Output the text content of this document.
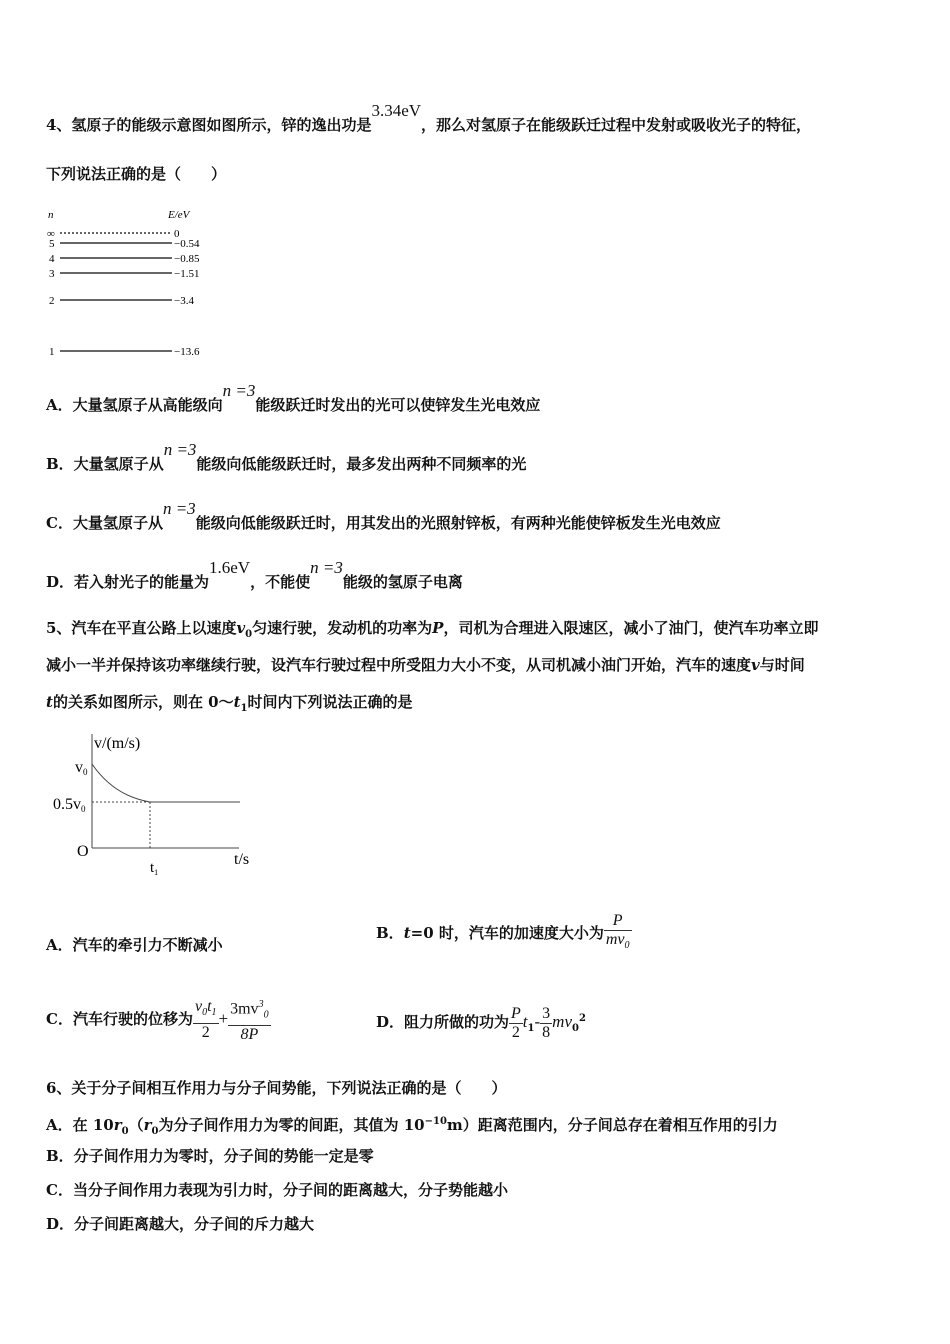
4、氢原子的能级示意图如图所示，锌的逸出功是3.34eV，那么对氢原子在能级跃迁过程中发射或吸收光子的特征，
下列说法正确的是（　　）
n	E/eV
∞
5
4
3
2
1
0
−0.54
−0.85
−1.51
−3.4
−13.6
A．大量氢原子从高能级向n =3能级跃迁时发出的光可以使锌发生光电效应
B．大量氢原子从n =3能级向低能级跃迁时，最多发出两种不同频率的光
C．大量氢原子从n =3能级向低能级跃迁时，用其发出的光照射锌板，有两种光能使锌板发生光电效应
D．若入射光子的能量为1.6eV，不能使n =3能级的氢原子电离
5、汽车在平直公路上以速度$v_0$匀速行驶，发动机的功率为P，司机为合理进入限速区，减小了油门，使汽车功率立即
减小一半并保持该功率继续行驶，设汽车行驶过程中所受阻力大小不变，从司机减小油门开始，汽车的速度v与时间
t的关系如图所示，则在 $0\sim t_1$时间内下列说法正确的是
v/(m/s)
t/s
v0
0.5v0
O
$t_1$
A．汽车的牵引力不断减小
B．t=0 时，汽车的加速度大小为 $\frac{P}{mv_0}$
C．汽车行驶的位移为 $\frac{v_0t_1}{2} + \frac{3mv^3_0}{8P}$	D．阻力所做的功为 $\frac{P}{2} t_1- \frac{3}{8} mv_0^2$
6、关于分子间相互作用力与分子间势能，下列说法正确的是（　　）
A．在 $10r_0(r_0$为分子间作用力为零的间距，其值为 $10^{-10}m$）距离范围内，分子间总存在着相互作用的引力
B．分子间作用力为零时，分子间的势能一定是零
C．当分子间作用力表现为引力时，分子间的距离越大，分子势能越小
D．分子间距离越大，分子间的斥力越大
